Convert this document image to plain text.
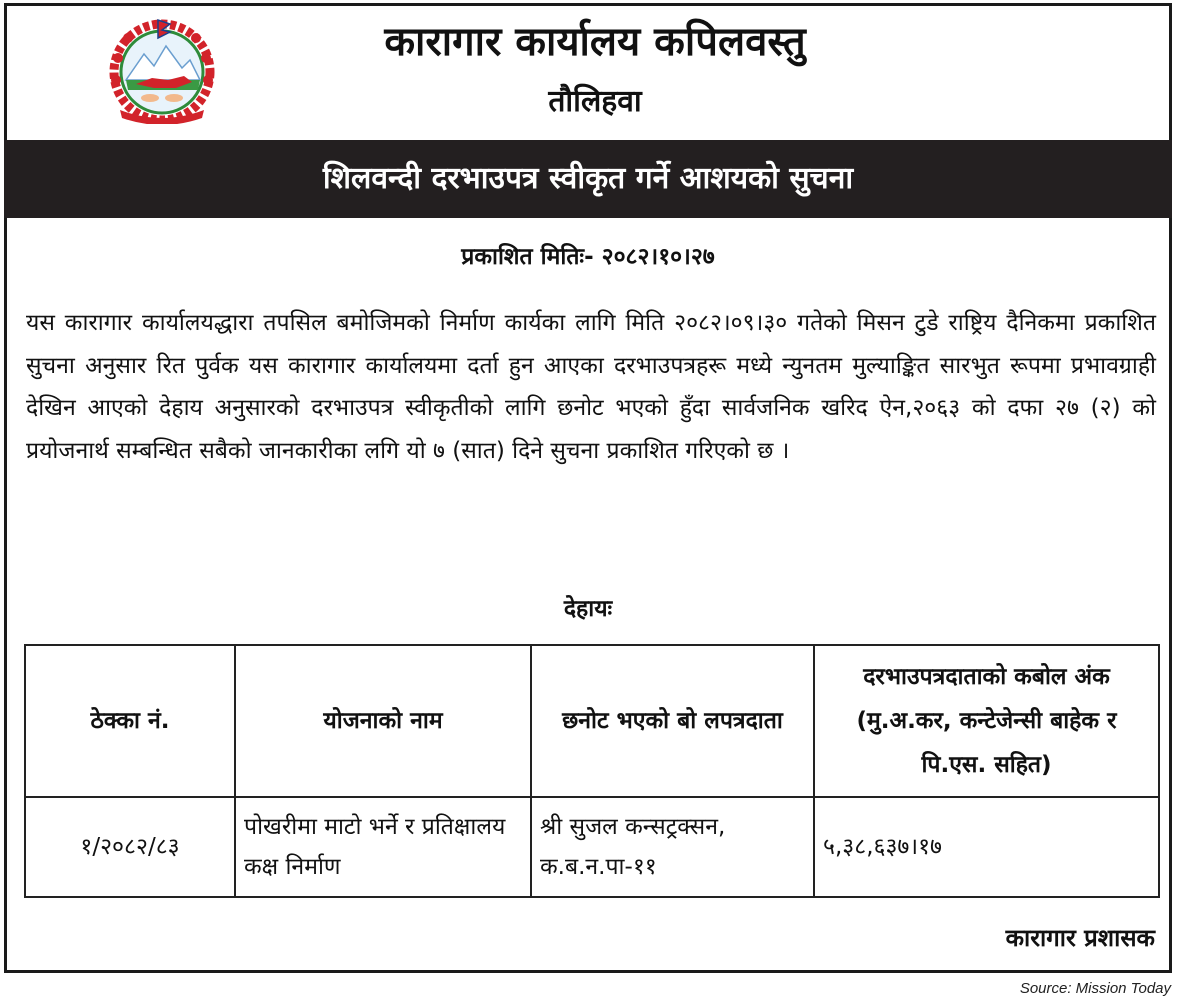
कारागार कार्यालय कपिलवस्तु
तौलिहवा
शिलवन्दी दरभाउपत्र स्वीकृत गर्ने आशयको सुचना
प्रकाशित मितिः- २०८२।१०।२७
यस कारागार कार्यालयद्धारा तपसिल बमोजिमको निर्माण कार्यका लागि मिति २०८२।०९।३० गतेको मिसन टुडे राष्ट्रिय दैनिकमा प्रकाशित सुचना अनुसार रित पुर्वक यस कारागार कार्यालयमा दर्ता हुन आएका दरभाउपत्रहरू मध्ये न्युनतम मुल्याङ्कित सारभुत रूपमा प्रभावग्राही देखिन आएको देहाय अनुसारको दरभाउपत्र स्वीकृतीको लागि छनोट भएको हुँदा सार्वजनिक खरिद ऐन,२०६३ को दफा २७ (२) को प्रयोजनार्थ सम्बन्धित सबैको जानकारीका लगि यो ७ (सात) दिने सुचना प्रकाशित गरिएको छ ।
देहायः
ठेक्का नं.	योजनाको नाम	छनोट भएको बो लपत्रदाता	दरभाउपत्रदाताको कबोल अंक (मु.अ.कर, कन्टेजेन्सी बाहेक र पि.एस. सहित)
१/२०८२/८३	पोखरीमा माटो भर्ने र प्रतिक्षालय कक्ष निर्माण	श्री सुजल कन्सट्रक्सन, क.ब.न.पा-११	५,३८,६३७।१७
कारागार प्रशासक
Source: Mission Today
